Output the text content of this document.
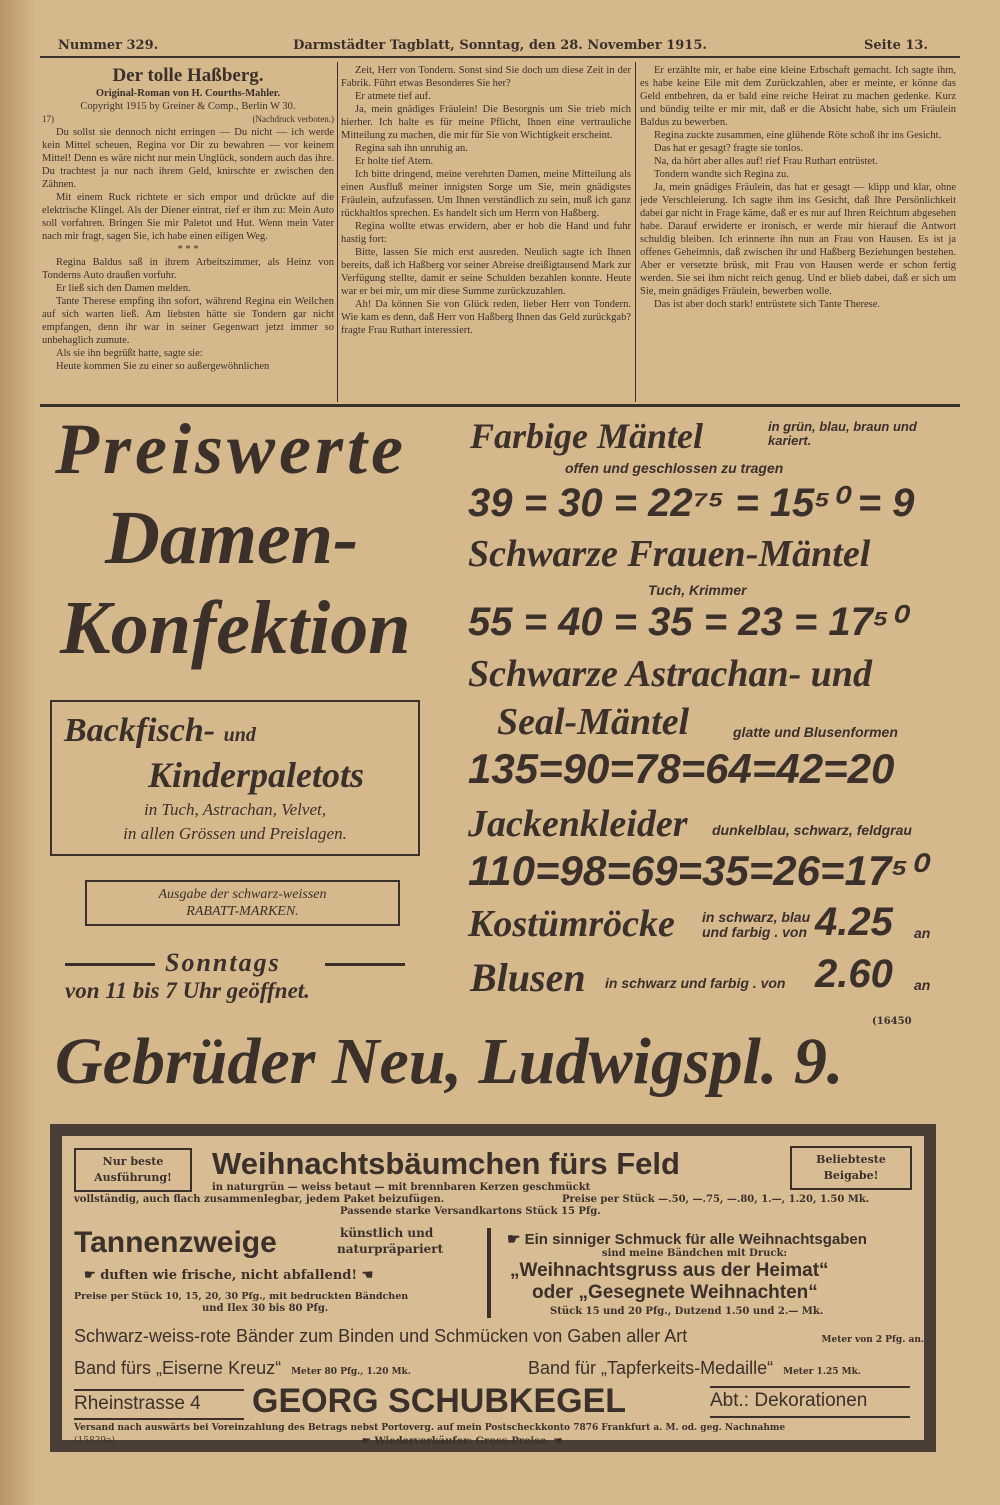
Nummer 329.	Darmstädter Tagblatt, Sonntag, den 28. November 1915.	Seite 13.

Der tolle Haßberg.

Original-Roman von H. Courths-Mahler.

Copyright 1915 by Greiner & Comp., Berlin W 30.

17)	(Nachdruck verboten.)

Du sollst sie dennoch nicht erringen — Du nicht — ich werde kein Mittel scheuen, Regina vor Dir zu bewahren — vor keinem Mittel! Denn es wäre nicht nur mein Unglück, sondern auch das ihre. Du trachtest ja nur nach ihrem Geld, knirschte er zwischen den Zähnen.

Mit einem Ruck richtete er sich empor und drückte auf die elektrische Klingel. Als der Diener eintrat, rief er ihm zu: Mein Auto soll vorfahren. Bringen Sie mir Paletot und Hut. Wenn mein Vater nach mir fragt, sagen Sie, ich habe einen eiligen Weg.

* * *

Regina Baldus saß in ihrem Arbeitszimmer, als Heinz von Tonderns Auto draußen vorfuhr.

Er ließ sich den Damen melden.

Tante Therese empfing ihn sofort, während Regina ein Weilchen auf sich warten ließ. Am liebsten hätte sie Tondern gar nicht empfangen, denn ihr war in seiner Gegenwart jetzt immer so unbehaglich zumute.

Als sie ihn begrüßt hatte, sagte sie:

Heute kommen Sie zu einer so außergewöhnlichen

Zeit, Herr von Tondern. Sonst sind Sie doch um diese Zeit in der Fabrik. Führt etwas Besonderes Sie her?

Er atmete tief auf.

Ja, mein gnädiges Fräulein! Die Besorgnis um Sie trieb mich hierher. Ich halte es für meine Pflicht, Ihnen eine vertrauliche Mitteilung zu machen, die mir für Sie von Wichtigkeit erscheint.

Regina sah ihn unruhig an.

Er holte tief Atem.

Ich bitte dringend, meine verehrten Damen, meine Mitteilung als einen Ausfluß meiner innigsten Sorge um Sie, mein gnädigstes Fräulein, aufzufassen. Um Ihnen verständlich zu sein, muß ich ganz rückhaltlos sprechen. Es handelt sich um Herrn von Haßberg.

Regina wollte etwas erwidern, aber er hob die Hand und fuhr hastig fort:

Bitte, lassen Sie mich erst ausreden. Neulich sagte ich Ihnen bereits, daß ich Haßberg vor seiner Abreise dreißigtausend Mark zur Verfügung stellte, damit er seine Schulden bezahlen konnte. Heute war er bei mir, um mir diese Summe zurückzuzahlen.

Ah! Da können Sie von Glück reden, lieber Herr von Tondern. Wie kam es denn, daß Herr von Haßberg Ihnen das Geld zurückgab? fragte Frau Ruthart interessiert.

Er erzählte mir, er habe eine kleine Erbschaft gemacht. Ich sagte ihm, es habe keine Eile mit dem Zurückzahlen, aber er meinte, er könne das Geld entbehren, da er bald eine reiche Heirat zu machen gedenke. Kurz und bündig teilte er mir mit, daß er die Absicht habe, sich um Fräulein Baldus zu bewerben.

Regina zuckte zusammen, eine glühende Röte schoß ihr ins Gesicht.

Das hat er gesagt? fragte sie tonlos.

Na, da hört aber alles auf! rief Frau Ruthart entrüstet.

Tondern wandte sich Regina zu.

Ja, mein gnädiges Fräulein, das hat er gesagt — klipp und klar, ohne jede Verschleierung. Ich sagte ihm ins Gesicht, daß Ihre Persönlichkeit dabei gar nicht in Frage käme, daß er es nur auf Ihren Reichtum abgesehen habe. Darauf erwiderte er ironisch, er werde mir hierauf die Antwort schuldig bleiben. Ich erinnerte ihn nun an Frau von Hausen. Es ist ja offenes Geheimnis, daß zwischen ihr und Haßberg Beziehungen bestehen. Aber er versetzte brüsk, mit Frau von Hausen werde er schon fertig werden. Sie sei ihm nicht reich genug. Und er blieb dabei, daß er sich um Sie, mein gnädiges Fräulein, bewerben wolle.

Das ist aber doch stark! entrüstete sich Tante Therese.

Preiswerte
Damen-
Konfektion
Backfisch- und
Kinderpaletots
in Tuch, Astrachan, Velvet,
in allen Grössen und Preislagen.
Ausgabe der schwarz-weissen
RABATT-MARKEN.
Sonntags
von 11 bis 7 Uhr geöffnet.
Farbige Mäntel	in grün, blau, braun und kariert.
offen und geschlossen zu tragen
39 = 30 = 22⁷⁵ = 15⁵⁰ = 9
Schwarze Frauen-Mäntel
Tuch, Krimmer
55 = 40 = 35 = 23 = 17⁵⁰
Schwarze Astrachan- und
Seal-Mäntel	glatte und Blusenformen
135=90=78=64=42=20
Jackenkleider dunkelblau, schwarz, feldgrau
110=98=69=35=26=17⁵⁰
Kostümröcke in schwarz, blau und farbig . von 4.25 an
Blusen in schwarz und farbig . von 2.60 an
(16450
Gebrüder Neu, Ludwigspl. 9.
Nur beste
Ausführung!
Beliebteste
Beigabe!
Weihnachtsbäumchen fürs Feld
in naturgrün — weiss betaut — mit brennbaren Kerzen geschmückt
vollständig, auch flach zusammenlegbar, jedem Paket beizufügen.	Preise per Stück —.50, —.75, —.80, 1.—, 1.20, 1.50 Mk.
Passende starke Versandkartons Stück 15 Pfg.
Tannenzweige	künstlich und
naturpräpariert
☛ duften wie frische, nicht abfallend! ☚
Preise per Stück 10, 15, 20, 30 Pfg., mit bedruckten Bändchen
und Ilex 30 bis 80 Pfg.
☛ Ein sinniger Schmuck für alle Weihnachtsgaben
sind meine Bändchen mit Druck:
„Weihnachtsgruss aus der Heimat“
oder „Gesegnete Weihnachten“
Stück 15 und 20 Pfg., Dutzend 1.50 und 2.— Mk.
Schwarz-weiss-rote Bänder zum Binden und Schmücken von Gaben aller Art	Meter von 2 Pfg. an.
Band fürs „Eiserne Kreuz“ Meter 80 Pfg., 1.20 Mk.	Band für „Tapferkeits-Medaille“ Meter 1.25 Mk.
Rheinstrasse 4 GEORG SCHUBKEGEL	Abt.: Dekorationen
Versand nach auswärts bei Voreinzahlung des Betrags nebst Portoverg. auf mein Postscheckkonto 7876 Frankfurt a. M. od. geg. Nachnahme
(15839a)	☛ Wiederverkäufer: Gross-Preise. ☚
